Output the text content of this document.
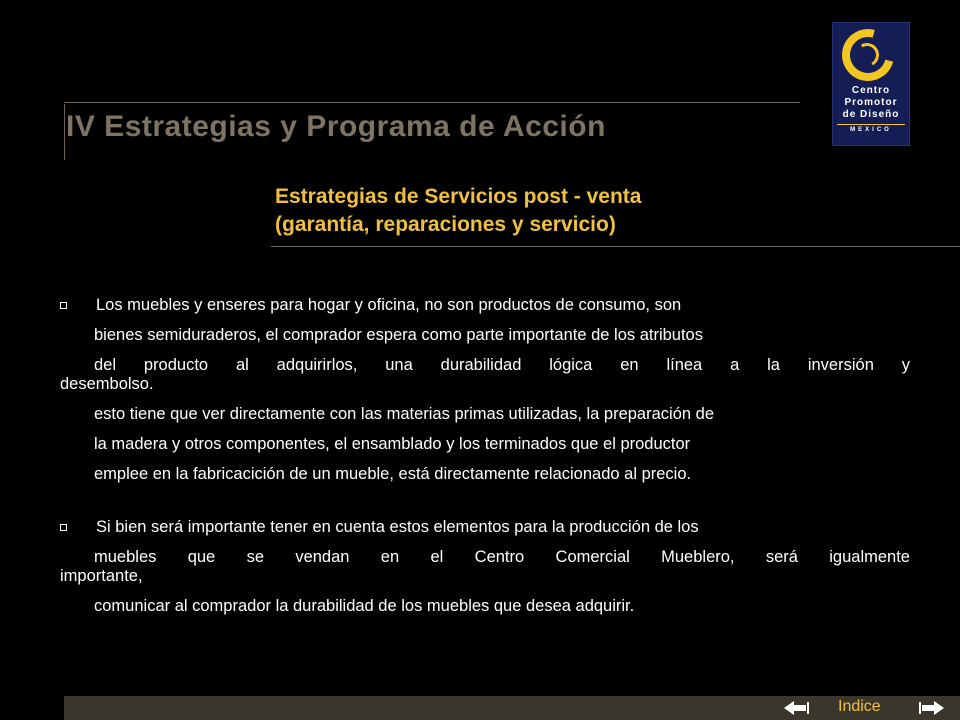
IV Estrategias y Programa de Acción
Centro
Promotor
de Diseño
MEXICO
Estrategias de Servicios post - venta
(garantía, reparaciones y servicio)
Los muebles y enseres para hogar y oficina, no son productos de consumo, son
bienes semiduraderos, el comprador espera como parte importante de los atributos
del producto al adquirirlos, una durabilidad lógica en línea a la inversión y
desembolso.
esto tiene que ver directamente con las materias primas utilizadas, la preparación de
la madera y otros componentes, el ensamblado y los terminados que el productor
emplee en la fabricacición de un mueble, está directamente relacionado al precio.
Si bien será importante tener en cuenta estos elementos para la producción de los
muebles que se vendan en el Centro Comercial Mueblero, será igualmente
importante,
comunicar al comprador la durabilidad de los muebles que desea adquirir.
Indice
